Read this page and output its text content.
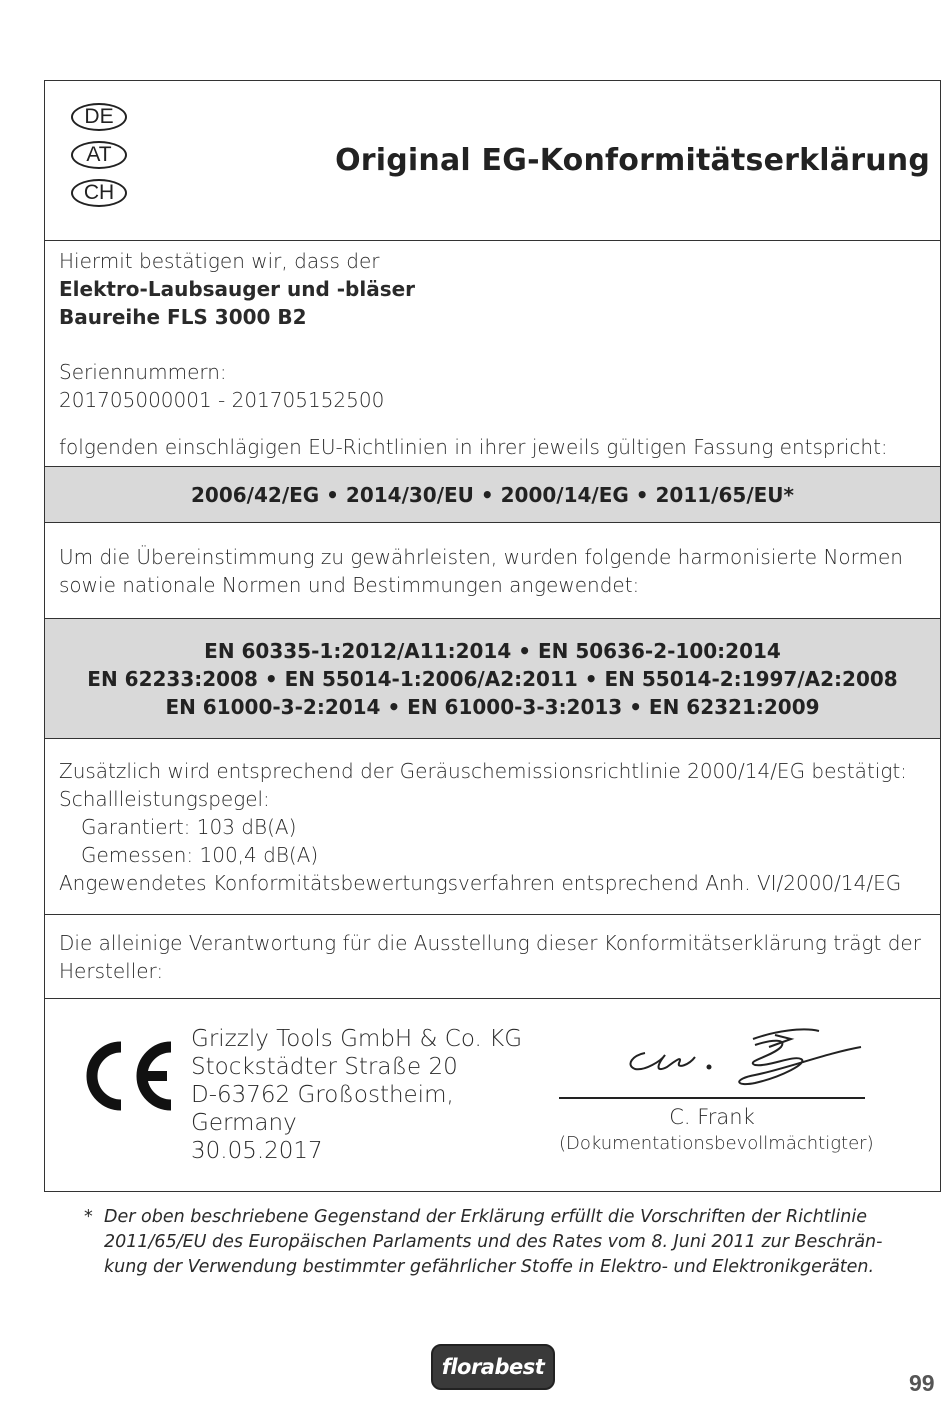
DE
AT
CH
Original EG-Konformitätserklärung
Hiermit bestätigen wir, dass der
Elektro-Laubsauger und -bläser
Baureihe FLS 3000 B2
Seriennummern:
201705000001 - 201705152500
folgenden einschlägigen EU-Richtlinien in ihrer jeweils gültigen Fassung entspricht:
2006/42/EG • 2014/30/EU • 2000/14/EG • 2011/65/EU*
Um die Übereinstimmung zu gewährleisten, wurden folgende harmonisierte Normen
sowie nationale Normen und Bestimmungen angewendet:
EN 60335-1:2012/A11:2014 • EN 50636-2-100:2014
EN 62233:2008 • EN 55014-1:2006/A2:2011 • EN 55014-2:1997/A2:2008
EN 61000-3-2:2014 • EN 61000-3-3:2013 • EN 62321:2009
Zusätzlich wird entsprechend der Geräuschemissionsrichtlinie 2000/14/EG bestätigt:
Schallleistungspegel:
Garantiert: 103 dB(A)
Gemessen: 100,4 dB(A)
Angewendetes Konformitätsbewertungsverfahren entsprechend Anh. VI/2000/14/EG
Die alleinige Verantwortung für die Ausstellung dieser Konformitätserklärung trägt der
Hersteller:
Grizzly Tools GmbH & Co. KG
Stockstädter Straße 20
D-63762 Großostheim,
Germany
30.05.2017
C. Frank
(Dokumentationsbevollmächtigter)
* Der oben beschriebene Gegenstand der Erklärung erfüllt die Vorschriften der Richtlinie
2011/65/EU des Europäischen Parlaments und des Rates vom 8. Juni 2011 zur Beschrän-
kung der Verwendung bestimmter gefährlicher Stoffe in Elektro- und Elektronikgeräten.
florabest
99
